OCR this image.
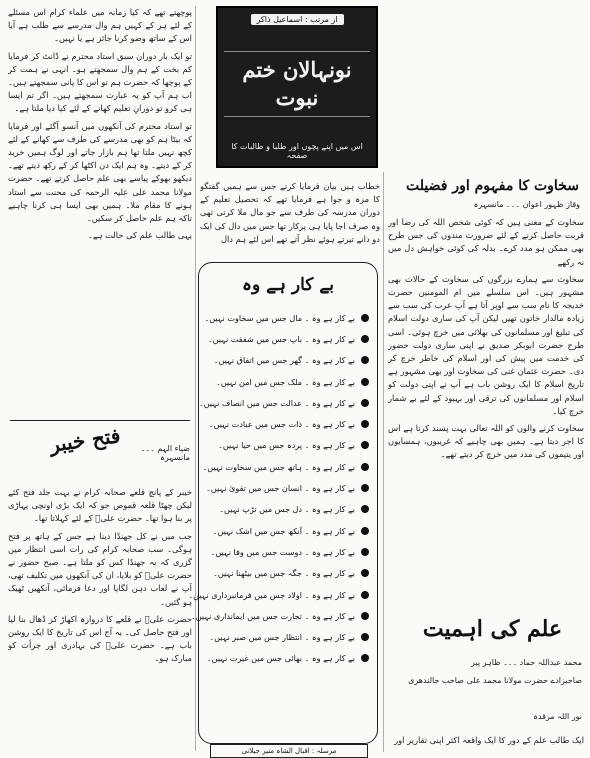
از مرتب : اسماعیل ذاکر
نونہالان ختم نبوت
اس میں اپنے پچوں اور طلبا و طالبات کا صفحہ
سخاوت کا مفہوم اور فضیلت
وقاز ظہور اعوان ۔۔۔ مانسہرہ

سخاوت کے معنی ہیں کہ کوئی شخص اللہ کی رضا اور قربت حاصل کرنے کے لئے ضرورت مندوں کی جس طرح بھی ممکن ہو مدد کرے۔ بدلہ کی کوئی خواہش دل میں نہ رکھے

سخاوت سے ہمارے بزرگوں کی سخاوت کے حالات بھی مشہور ہیں۔ اس سلسلے میں ام المومنین حضرت خدیجہ کا نام سب سے اوپر آتا ہے آپ عرب کی سب سے زیادہ مالدار خاتون تھیں لیکن آپ کی ساری دولت اسلام کی تبلیغ اور مسلمانوں کی بھلائی میں خرچ ہوئی۔ اسی طرح حضرت ابوبکر صدیق نے اپنی ساری دولت حضور کی خدمت میں پیش کی اور اسلام کی خاطر خرچ کر دی۔ حضرت عثمان غنی کی سخاوت اور بھی مشہور ہے تاریخ اسلام کا ایک روشن باب ہے آپ نے اپنی دولت کو اسلام اور مسلمانوں کی ترقی اور بہبود کے لئے بے شمار خرچ کیا۔

سخاوت کرنے والوں کو اللہ تعالی بہت پسند کرتا ہے اس کا اجر دیتا ہے۔ ہمیں بھی چاہیے کہ غریبوں، ہمسایوں اور یتیموں کی مدد میں خرچ کر دیتے تھے۔

علم کی اہمیت
محمد عبداللہ حماد ۔۔۔ ظاہر پیر
صاحبزادے حضرت مولانا محمد علی صاحب جالندھری
نور اللہ مرقدہ
ایک طالب علم کے دور کا ایک واقعہ اکثر اپنی تقاریر اور
خطاب ہیں بیان فرمایا کرتے جس سے ہمیں گفتگو کا مزہ و جوا ہے فرمایا تھے کہ تحصیل تعلیم کے دوران مدرسہ کی طرف سے جو مال ملا کرتی تھی وہ صرف اجا پایا ہی پرکار تھا جس میں دال کی ایک دو دانے تیرتے ہوئے نظر آتے تھے اس لئے ہم دال
بے کار ہے وہ
بے کار ہے وہ ۔ مال جس میں سخاوت نہیں۔
بے کار ہے وہ ۔ باپ جس میں شفقت نہیں۔
بے کار ہے وہ ۔ گھر جس میں اتفاق نہیں۔
بے کار ہے وہ ۔ ملک جس میں امن نہیں۔
بے کار ہے وہ ۔ عدالت جس میں انصاف نہیں۔
بے کار ہے وہ ۔ ذات جس میں عبادت نہیں۔
بے کار ہے وہ ۔ پردہ جس میں حیا نہیں۔
بے کار ہے وہ ۔ ہاتھ جس میں سخاوت نہیں۔
بے کار ہے وہ ۔ انسان جس میں تقویٰ نہیں۔
بے کار ہے وہ ۔ دل جس میں تڑپ نہیں۔
بے کار ہے وہ ۔ آنکھ جس میں اشک نہیں۔
بے کار ہے وہ ۔ دوست جس میں وفا نہیں۔
بے کار ہے وہ ۔ جگہ جس میں بیٹھنا نہیں۔
بے کار ہے وہ ۔ اولاد جس میں فرمانبرداری نہیں۔
بے کار ہے وہ ۔ تجارت جس میں ایمانداری نہیں۔
بے کار ہے وہ ۔ انتظار جس میں صبر نہیں۔
بے کار ہے وہ ۔ بھائی جس میں غیرت نہیں۔
مرسلہ : اقبال الشاہ منیر جیلانی

پوچھتے تھے کہ کیا زمانہ میں علماء کرام اس مسئلے کے لئے ہر کے کہیں ہم وال مدرسے سے طلب ہے آیا اس کے ساتھ وضو کرنا جائز ہے یا نہیں۔

تو ایک بار دوران سبق استاد محترم نے ڈانٹ کر فرمایا کم بخت کے ہم وال سمجھتے ہو۔ انہی نے ہمت کر کے پوچھا کہ حضرت ہم تو اس کا پانی سمجھتے ہیں۔ اب ہم آپ کو یہ عبارت سمجھتے ہیں۔ اگر تم ایسا ہی کرو تو دورانِ تعلیم کھانے کے لئے کیا دیا ملتا ہے۔

تو استاد محترم کی آنکھوں میں آنسو آگئے اور فرمایا کہ بیٹا ہم کو بھی مدرسے کی طرف سے کھانے کے لئے کچھ نہیں ملتا تھا ہم بازار جاتے اور لوگ ہمیں خرید کر کے دیتے۔ وہ ہم ایک دن اکٹھا کر کے رکھ دیتے تھے۔ دیکھو بھوکے پیاسے بھی علم حاصل کرتے تھے۔ حضرت مولانا محمد علی علیہ الرحمہ کی محنت سے استاد ہونے کا مقام ملا۔ ہمیں بھی ایسا ہی کرنا چاہیے تاکہ ہم علم حاصل کر سکیں۔

یہی طالب علم کی حالت ہے۔

فتح خیبر	ضیاء الہم ۔۔۔ مانسہرہ

خیبر کے پانچ قلعے صحابہ کرام نے بہت جلد فتح کئے لیکن چھٹا قلعہ قموص جو کہ ایک بڑی اونچی پہاڑی پر بنا ہوا تھا۔ حضرت علیؓ کے لئے کہلاتا تھا۔

جب میں نے کل جھنڈا دینا ہے جس کے ہاتھ پر فتح ہوگی۔ سب صحابہ کرام کی رات اسی انتظار میں گزری کہ یہ جھنڈا کس کو ملتا ہے۔ صبح حضور نے حضرت علیؓ کو بلایا، ان کی آنکھوں میں تکلیف تھی، آپ نے لعاب دہن لگایا اور دعا فرمائی، آنکھیں ٹھیک ہو گئیں۔

حضرت علیؓ نے قلعے کا دروازہ اکھاڑ کر ڈھال بنا لیا اور فتح حاصل کی۔ یہ آج اس کی تاریخ کا ایک روشن باب ہے۔ حضرت علیؓ کی بہادری اور جرأت کو مبارک ہو۔
